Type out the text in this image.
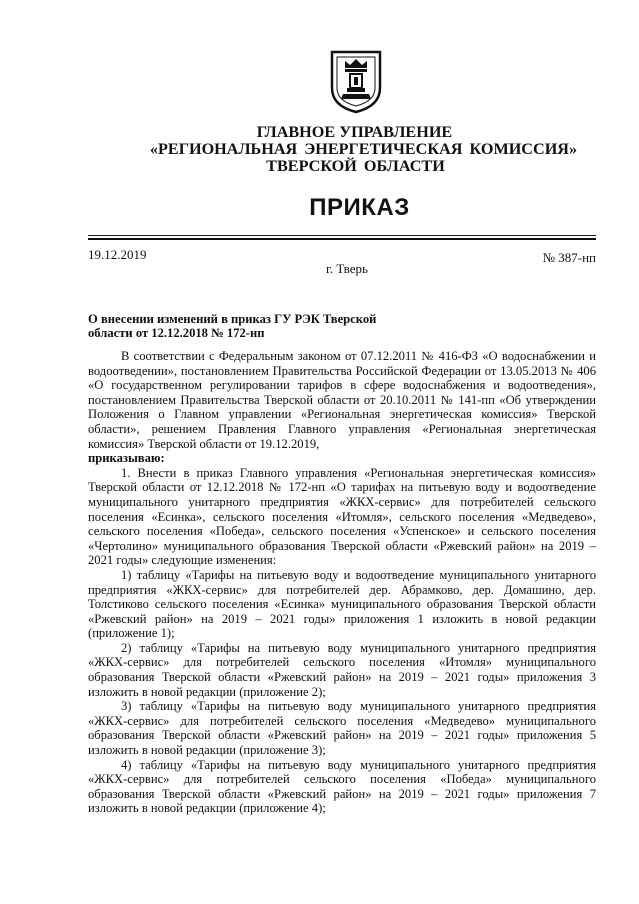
ГЛАВНОЕ УПРАВЛЕНИЕ
«РЕГИОНАЛЬНАЯ ЭНЕРГЕТИЧЕСКАЯ КОМИССИЯ»
ТВЕРСКОЙ ОБЛАСТИ
ПРИКАЗ
19.12.2019	№ 387-нп
г. Тверь
О внесении изменений в приказ ГУ РЭК Тверской области от 12.12.2018 № 172-нп

В соответствии с Федеральным законом от 07.12.2011 № 416-ФЗ «О водоснабжении и водоотведении», постановлением Правительства Российской Федерации от 13.05.2013 № 406 «О государственном регулировании тарифов в сфере водоснабжения и водоотведения», постановлением Правительства Тверской области от 20.10.2011 № 141-пп «Об утверждении Положения о Главном управлении «Региональная энергетическая комиссия» Тверской области», решением Правления Главного управления «Региональная энергетическая комиссия» Тверской области от 19.12.2019,

приказываю:

1. Внести в приказ Главного управления «Региональная энергетическая комиссия» Тверской области от 12.12.2018 № 172-нп «О тарифах на питьевую воду и водоотведение муниципального унитарного предприятия «ЖКХ-сервис» для потребителей сельского поселения «Есинка», сельского поселения «Итомля», сельского поселения «Медведево», сельского поселения «Победа», сельского поселения «Успенское» и сельского поселения «Чертолино» муниципального образования Тверской области «Ржевский район» на 2019 – 2021 годы» следующие изменения:

1) таблицу «Тарифы на питьевую воду и водоотведение муниципального унитарного предприятия «ЖКХ-сервис» для потребителей дер. Абрамково, дер. Домашино, дер. Толстиково сельского поселения «Есинка» муниципального образования Тверской области «Ржевский район» на 2019 – 2021 годы» приложения 1 изложить в новой редакции (приложение 1);

2) таблицу «Тарифы на питьевую воду муниципального унитарного предприятия «ЖКХ-сервис» для потребителей сельского поселения «Итомля» муниципального образования Тверской области «Ржевский район» на 2019 – 2021 годы» приложения 3 изложить в новой редакции (приложение 2);

3) таблицу «Тарифы на питьевую воду муниципального унитарного предприятия «ЖКХ-сервис» для потребителей сельского поселения «Медведево» муниципального образования Тверской области «Ржевский район» на 2019 – 2021 годы» приложения 5 изложить в новой редакции (приложение 3);

4) таблицу «Тарифы на питьевую воду муниципального унитарного предприятия «ЖКХ-сервис» для потребителей сельского поселения «Победа» муниципального образования Тверской области «Ржевский район» на 2019 – 2021 годы» приложения 7 изложить в новой редакции (приложение 4);
